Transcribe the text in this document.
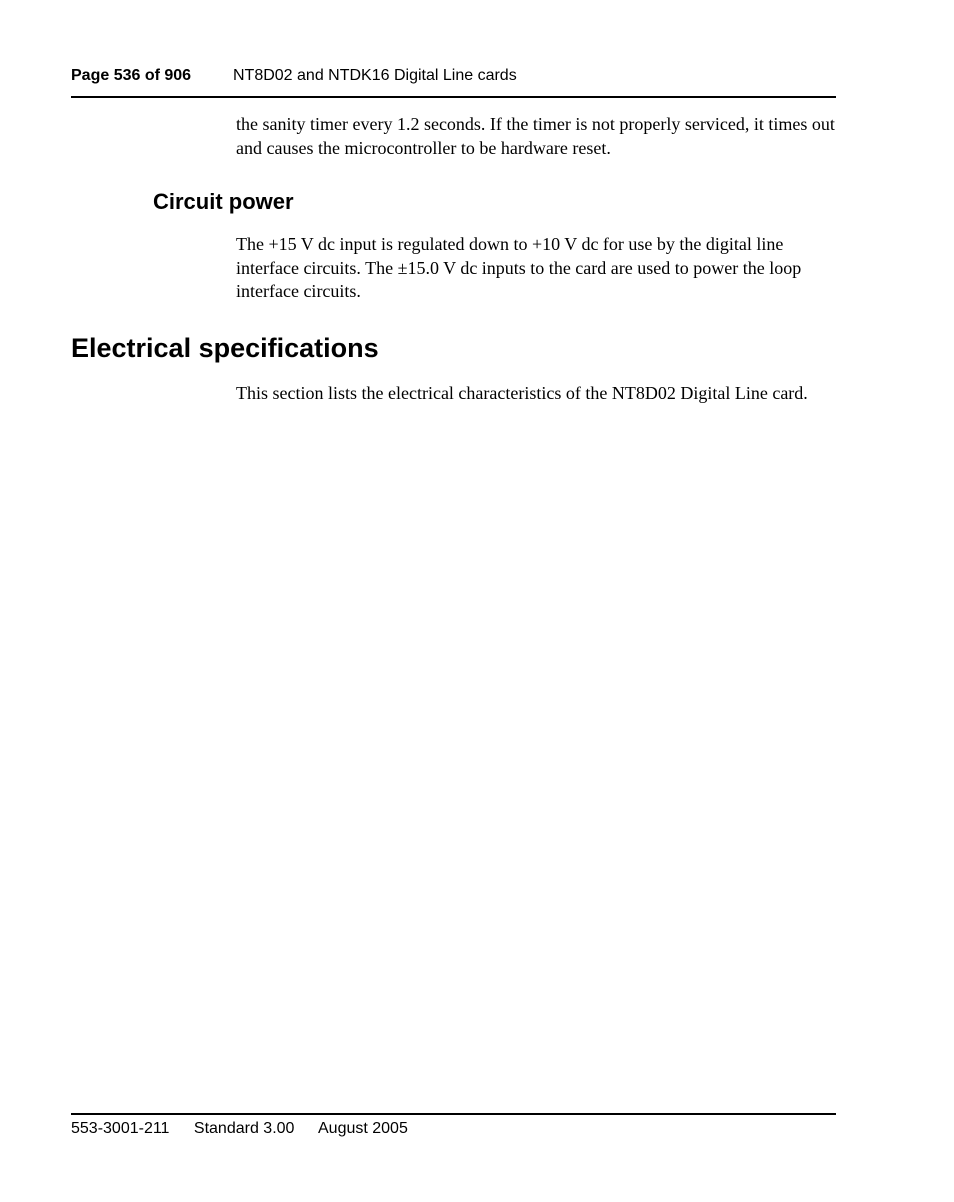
Page 536 of 906	NT8D02 and NTDK16 Digital Line cards

the sanity timer every 1.2 seconds. If the timer is not properly serviced, it times out and causes the microcontroller to be hardware reset.

Circuit power

The +15 V dc input is regulated down to +10 V dc for use by the digital line interface circuits. The ±15.0 V dc inputs to the card are used to power the loop interface circuits.

Electrical specifications

This section lists the electrical characteristics of the NT8D02 Digital Line card.

553-3001-211 Standard 3.00 August 2005
